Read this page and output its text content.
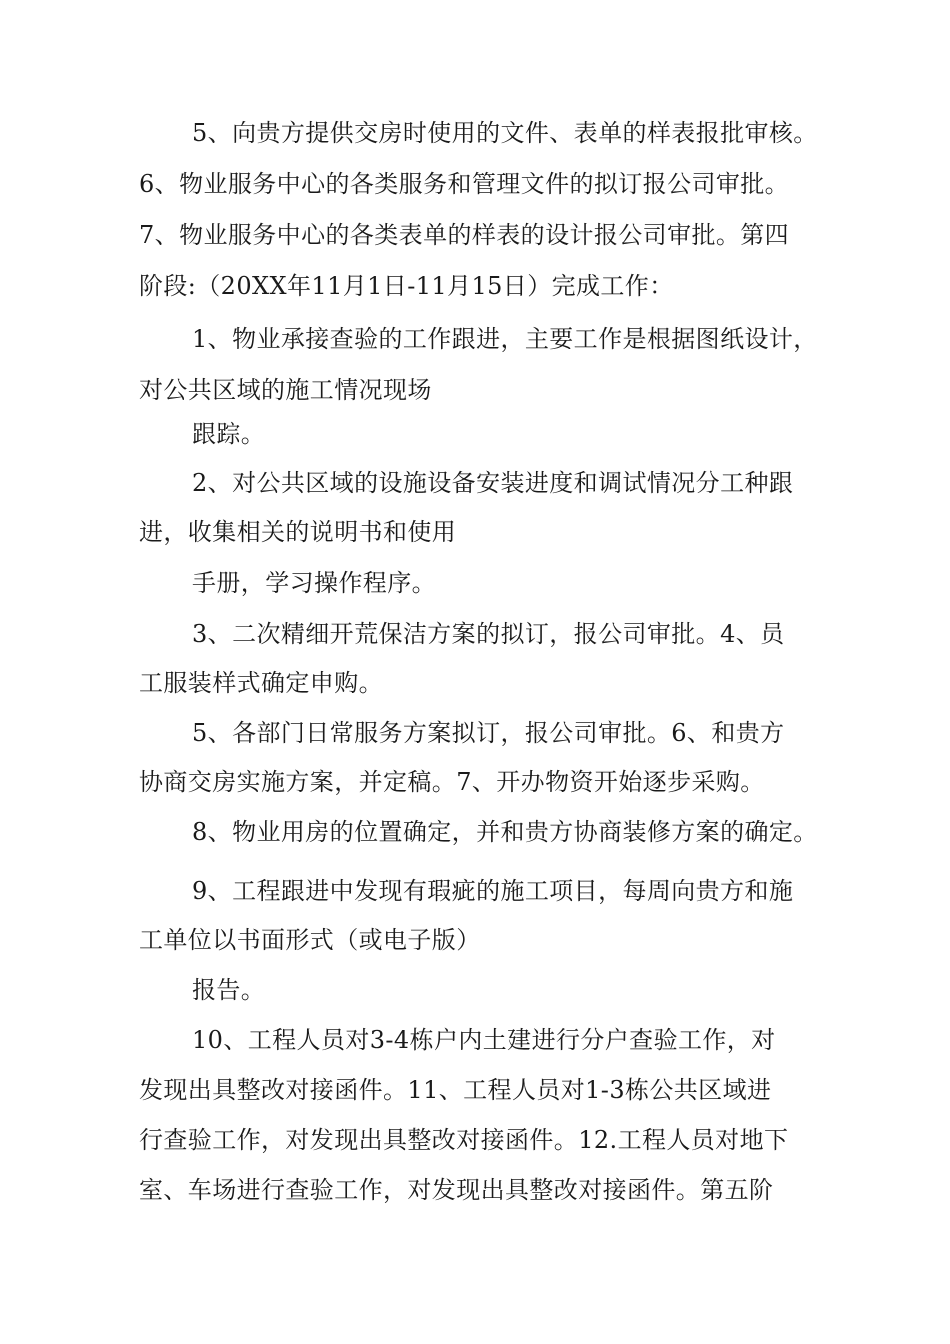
5、向贵方提供交房时使用的文件、表单的样表报批审核。

6、物业服务中心的各类服务和管理文件的拟订报公司审批。

7、物业服务中心的各类表单的样表的设计报公司审批。第四

阶段:（20XX年11月1日-11月15日）完成工作：

1、物业承接查验的工作跟进，主要工作是根据图纸设计，

对公共区域的施工情况现场

跟踪。

2、对公共区域的设施设备安装进度和调试情况分工种跟

进，收集相关的说明书和使用

手册，学习操作程序。

3、二次精细开荒保洁方案的拟订，报公司审批。4、员

工服装样式确定申购。

5、各部门日常服务方案拟订，报公司审批。6、和贵方

协商交房实施方案，并定稿。7、开办物资开始逐步采购。

8、物业用房的位置确定，并和贵方协商装修方案的确定。

9、工程跟进中发现有瑕疵的施工项目，每周向贵方和施

工单位以书面形式（或电子版）

报告。

10、工程人员对3-4栋户内土建进行分户查验工作，对

发现出具整改对接函件。11、工程人员对1-3栋公共区域进

行查验工作，对发现出具整改对接函件。12.工程人员对地下

室、车场进行查验工作，对发现出具整改对接函件。第五阶
